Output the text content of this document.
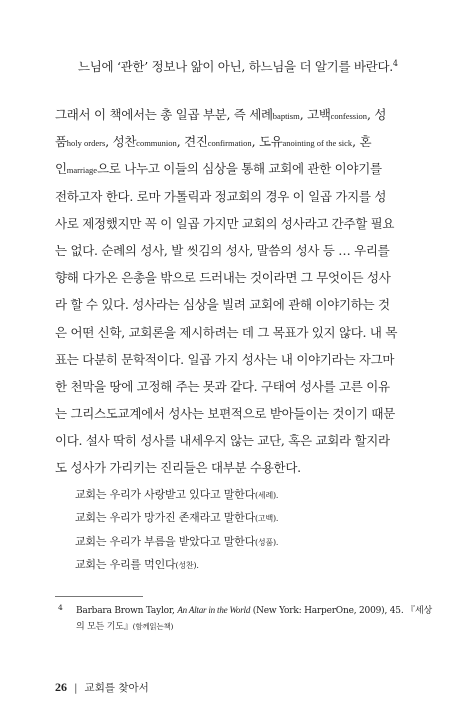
느님에 ‘관한’ 정보나 앎이 아닌, 하느님을 더 알기를 바란다.$^4$
그래서 이 책에서는 총 일곱 부분, 즉 세례baptism, 고백confession, 성
품holy orders, 성찬communion, 견진confirmation, 도유anointing of the sick, 혼
인marriage으로 나누고 이들의 심상을 통해 교회에 관한 이야기를
전하고자 한다. 로마 가톨릭과 정교회의 경우 이 일곱 가지를 성
사로 제정했지만 꼭 이 일곱 가지만 교회의 성사라고 간주할 필요
는 없다. 순례의 성사, 발 씻김의 성사, 말씀의 성사 등 … 우리를
향해 다가온 은총을 밖으로 드러내는 것이라면 그 무엇이든 성사
라 할 수 있다. 성사라는 심상을 빌려 교회에 관해 이야기하는 것
은 어떤 신학, 교회론을 제시하려는 데 그 목표가 있지 않다. 내 목
표는 다분히 문학적이다. 일곱 가지 성사는 내 이야기라는 자그마
한 천막을 땅에 고정해 주는 못과 같다. 구태여 성사를 고른 이유
는 그리스도교계에서 성사는 보편적으로 받아들이는 것이기 때문
이다. 설사 딱히 성사를 내세우지 않는 교단, 혹은 교회라 할지라
도 성사가 가리키는 진리들은 대부분 수용한다.
교회는 우리가 사랑받고 있다고 말한다(세례).
교회는 우리가 망가진 존재라고 말한다(고백).
교회는 우리가 부름을 받았다고 말한다(성품).
교회는 우리를 먹인다(성찬).
4 Barbara Brown Taylor, An Altar in the World (New York: HarperOne, 2009), 45. 『세상
의 모든 기도』(함께읽는책)
26 | 교회를 찾아서
